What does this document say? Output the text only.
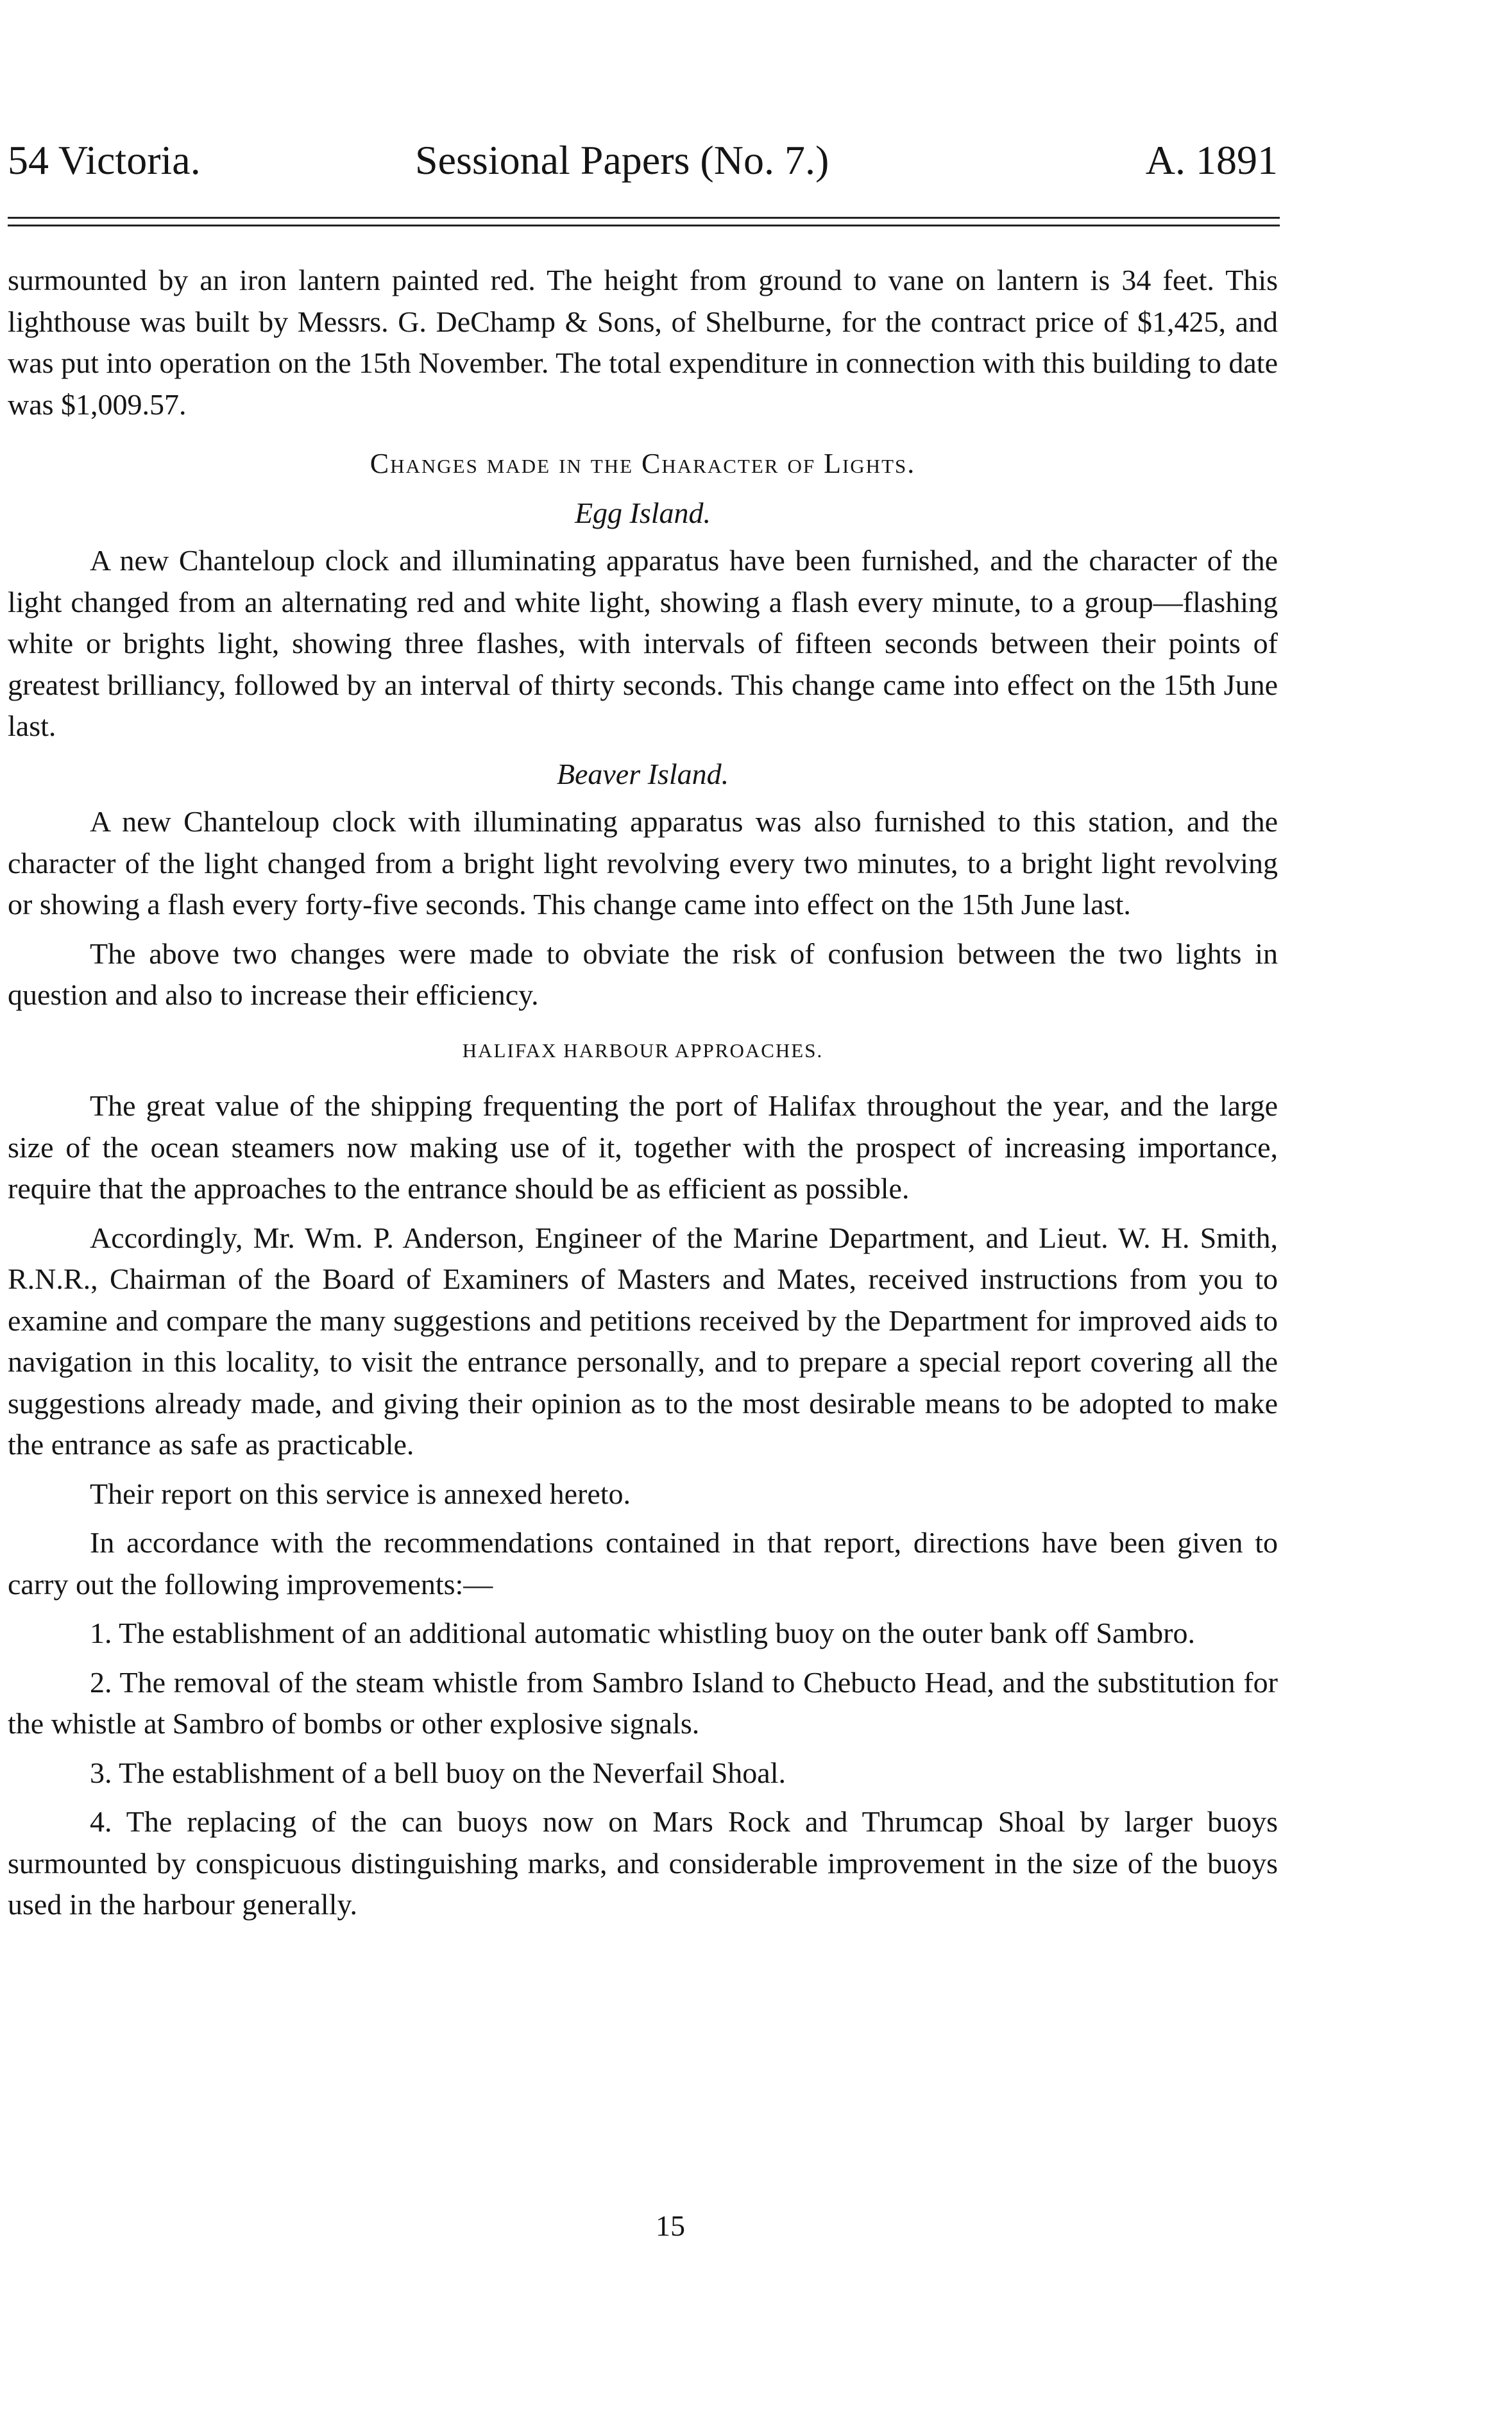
54 Victoria.	Sessional Papers (No. 7.)	A. 1891

surmounted by an iron lantern painted red. The height from ground to vane on lantern is 34 feet. This lighthouse was built by Messrs. G. DeChamp & Sons, of Shelburne, for the contract price of $1,425, and was put into operation on the 15th November. The total expenditure in connection with this building to date was $1,009.57.

Changes made in the Character of Lights.

Egg Island.

A new Chanteloup clock and illuminating apparatus have been furnished, and the character of the light changed from an alternating red and white light, showing a flash every minute, to a group—flashing white or brights light, showing three flashes, with intervals of fifteen seconds between their points of greatest brilliancy, followed by an interval of thirty seconds. This change came into effect on the 15th June last.

Beaver Island.

A new Chanteloup clock with illuminating apparatus was also furnished to this station, and the character of the light changed from a bright light revolving every two minutes, to a bright light revolving or showing a flash every forty-five seconds. This change came into effect on the 15th June last.

The above two changes were made to obviate the risk of confusion between the two lights in question and also to increase their efficiency.

HALIFAX HARBOUR APPROACHES.

The great value of the shipping frequenting the port of Halifax throughout the year, and the large size of the ocean steamers now making use of it, together with the prospect of increasing importance, require that the approaches to the entrance should be as efficient as possible.

Accordingly, Mr. Wm. P. Anderson, Engineer of the Marine Department, and Lieut. W. H. Smith, R.N.R., Chairman of the Board of Examiners of Masters and Mates, received instructions from you to examine and compare the many suggestions and petitions received by the Department for improved aids to navigation in this locality, to visit the entrance personally, and to prepare a special report covering all the suggestions already made, and giving their opinion as to the most desirable means to be adopted to make the entrance as safe as practicable.

Their report on this service is annexed hereto.

In accordance with the recommendations contained in that report, directions have been given to carry out the following improvements:—

1. The establishment of an additional automatic whistling buoy on the outer bank off Sambro.

2. The removal of the steam whistle from Sambro Island to Chebucto Head, and the substitution for the whistle at Sambro of bombs or other explosive signals.

3. The establishment of a bell buoy on the Neverfail Shoal.

4. The replacing of the can buoys now on Mars Rock and Thrumcap Shoal by larger buoys surmounted by conspicuous distinguishing marks, and considerable improvement in the size of the buoys used in the harbour generally.

15
